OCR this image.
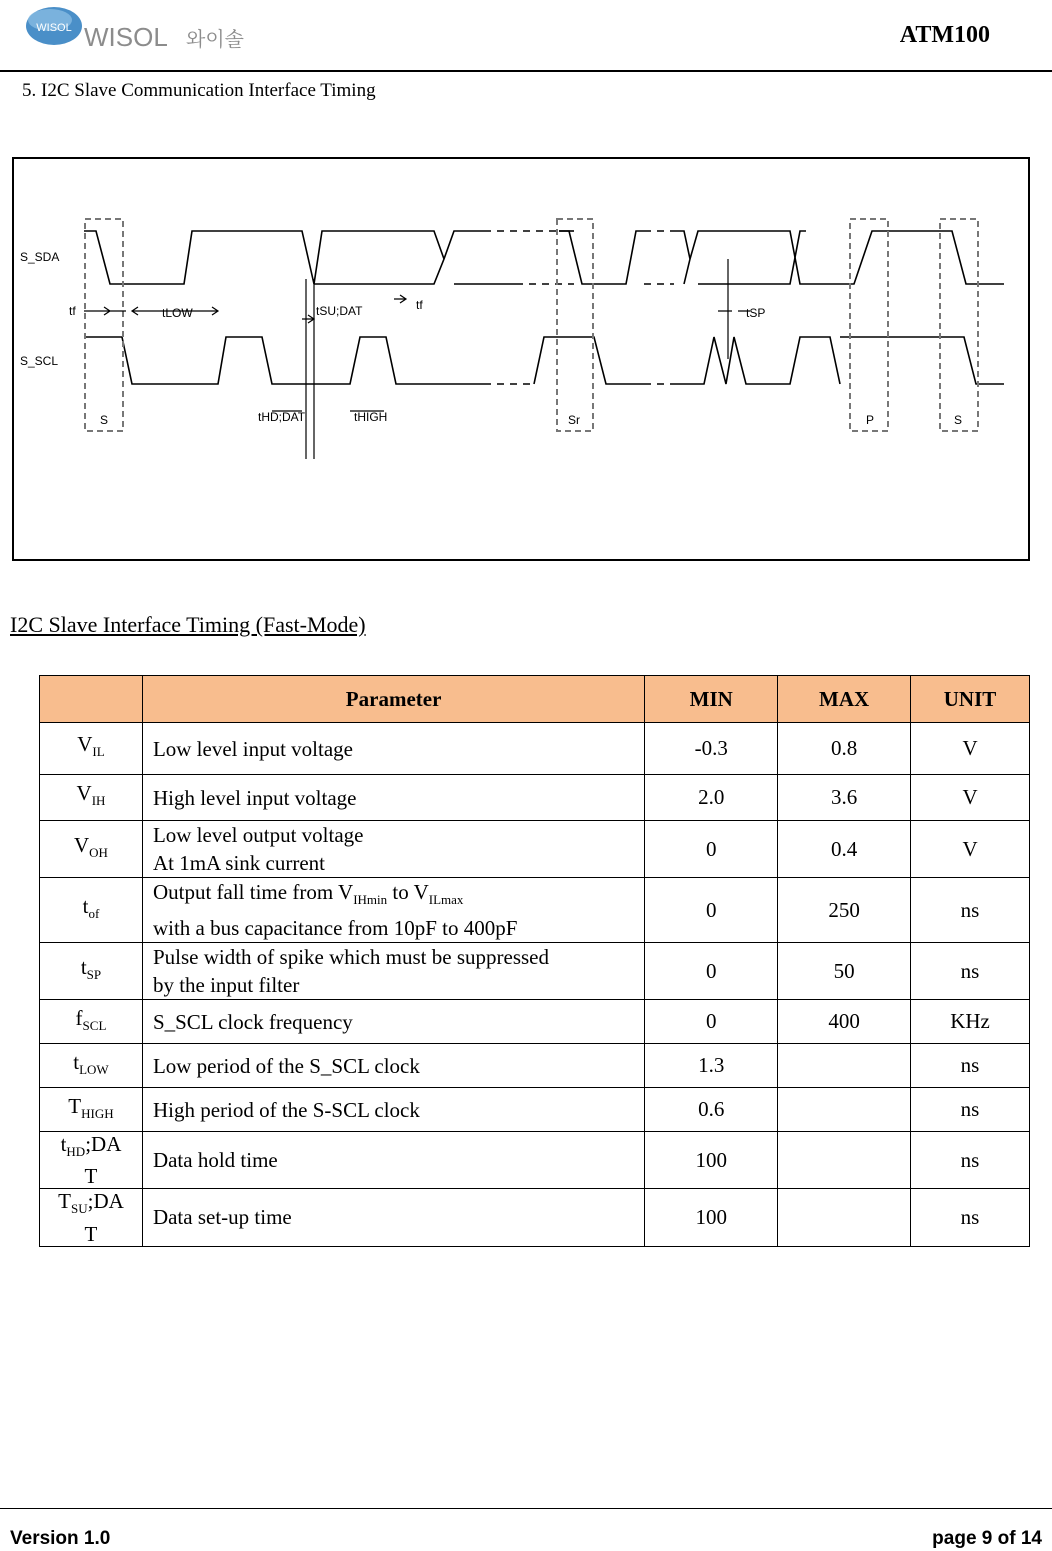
WISOL WISOL 와이솔	ATM100
5. I2C Slave Communication Interface Timing
S_SDA
S_SCL
tf	tLOW	tSU;DAT	tf
tSP
tHD;DAT	tHIGH
S	Sr	P	S
I2C Slave Interface Timing (Fast-Mode)
	Parameter	MIN	MAX	UNIT
$V_{IL}$	Low level input voltage	-0.3	0.8	V
$V_{IH}$	High level input voltage	2.0	3.6	V
$V_{OH}$	Low level output voltage
At 1mA sink current	0	0.4	V
$t_{of}$	Output fall time from $V_{IHmin}$ to $V_{ILmax}$
with a bus capacitance from 10pF to 400pF	0	250	ns
$t_{SP}$	Pulse width of spike which must be suppressed
by the input filter	0	50	ns
$f_{SCL}$	S_SCL clock frequency	0	400	KHz
$t_{LOW}$	Low period of the S_SCL clock	1.3		ns
$T_{HIGH}$	High period of the S-SCL clock	0.6		ns
$t_{HD};DA$
T	Data hold time	100		ns
$T_{SU};DA$
T	Data set-up time	100		ns
Version 1.0	page 9 of 14
